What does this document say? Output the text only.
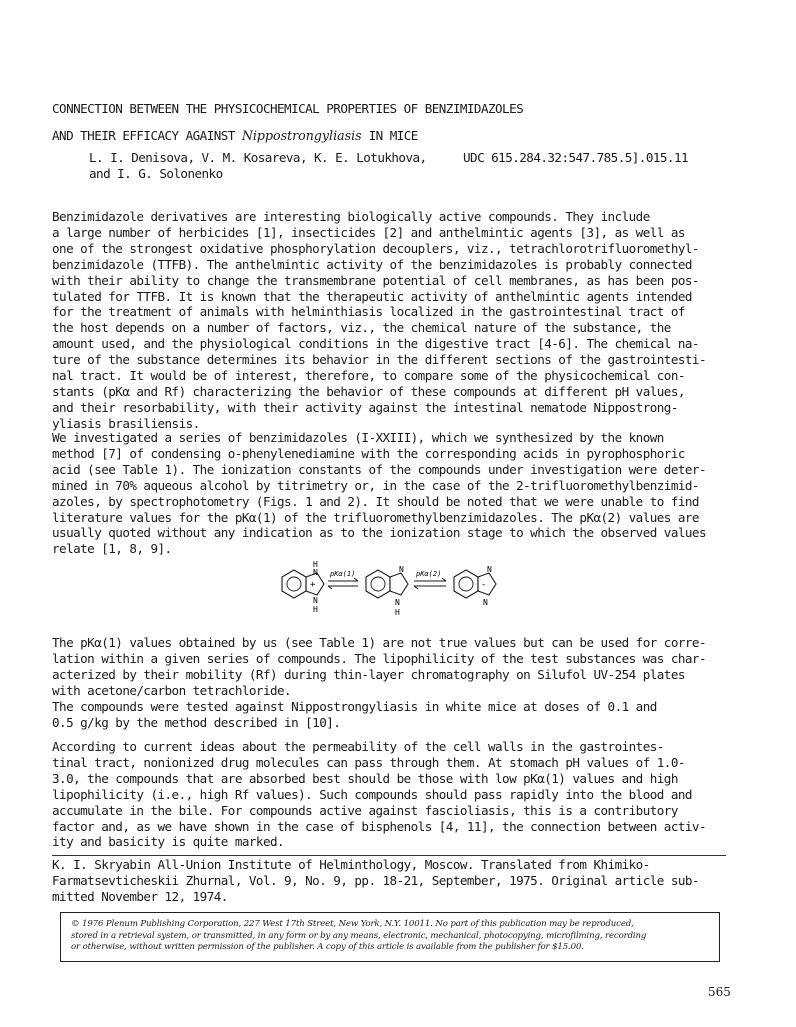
CONNECTION BETWEEN THE PHYSICOCHEMICAL PROPERTIES OF BENZIMIDAZOLES
AND THEIR EFFICACY AGAINST Nippostrongyliasis IN MICE
L. I. Denisova, V. M. Kosareva, K. E. Lotukhova,
and I. G. Solonenko
UDC 615.284.32:547.785.5].015.11
Benzimidazole derivatives are interesting biologically active compounds. They include
a large number of herbicides [1], insecticides [2] and anthelmintic agents [3], as well as
one of the strongest oxidative phosphorylation decouplers, viz., tetrachlorotrifluoromethyl-
benzimidazole (TTFB). The anthelmintic activity of the benzimidazoles is probably connected
with their ability to change the transmembrane potential of cell membranes, as has been pos-
tulated for TTFB. It is known that the therapeutic activity of anthelmintic agents intended
for the treatment of animals with helminthiasis localized in the gastrointestinal tract of
the host depends on a number of factors, viz., the chemical nature of the substance, the
amount used, and the physiological conditions in the digestive tract [4-6]. The chemical na-
ture of the substance determines its behavior in the different sections of the gastrointesti-
nal tract. It would be of interest, therefore, to compare some of the physicochemical con-
stants (pKα and Rf) characterizing the behavior of these compounds at different pH values,
and their resorbability, with their activity against the intestinal nematode Nippostrong-
yliasis brasiliensis.
We investigated a series of benzimidazoles (I-XXIII), which we synthesized by the known
method [7] of condensing o-phenylenediamine with the corresponding acids in pyrophosphoric
acid (see Table 1). The ionization constants of the compounds under investigation were deter-
mined in 70% aqueous alcohol by titrimetry or, in the case of the 2-trifluoromethylbenzimid-
azoles, by spectrophotometry (Figs. 1 and 2). It should be noted that we were unable to find
literature values for the pKα(1) of the trifluoromethylbenzimidazoles. The pKα(2) values are
usually quoted without any indication as to the ionization stage to which the observed values
relate [1, 8, 9].
H
N
+
N
H
pKα(1)	N
N
H
pKα(2)	N
-
N
The pKα(1) values obtained by us (see Table 1) are not true values but can be used for corre-
lation within a given series of compounds. The lipophilicity of the test substances was char-
acterized by their mobility (Rf) during thin-layer chromatography on Silufol UV-254 plates
with acetone/carbon tetrachloride.
The compounds were tested against Nippostrongyliasis in white mice at doses of 0.1 and
0.5 g/kg by the method described in [10].
According to current ideas about the permeability of the cell walls in the gastrointes-
tinal tract, nonionized drug molecules can pass through them. At stomach pH values of 1.0-
3.0, the compounds that are absorbed best should be those with low pKα(1) values and high
lipophilicity (i.e., high Rf values). Such compounds should pass rapidly into the blood and
accumulate in the bile. For compounds active against fascioliasis, this is a contributory
factor and, as we have shown in the case of bisphenols [4, 11], the connection between activ-
ity and basicity is quite marked.
K. I. Skryabin All-Union Institute of Helminthology, Moscow. Translated from Khimiko-
Farmatsevticheskii Zhurnal, Vol. 9, No. 9, pp. 18-21, September, 1975. Original article sub-
mitted November 12, 1974.
© 1976 Plenum Publishing Corporation, 227 West 17th Street, New York, N.Y. 10011. No part of this publication may be reproduced,
stored in a retrieval system, or transmitted, in any form or by any means, electronic, mechanical, photocopying, microfilming, recording
or otherwise, without written permission of the publisher. A copy of this article is available from the publisher for $15.00.
565
